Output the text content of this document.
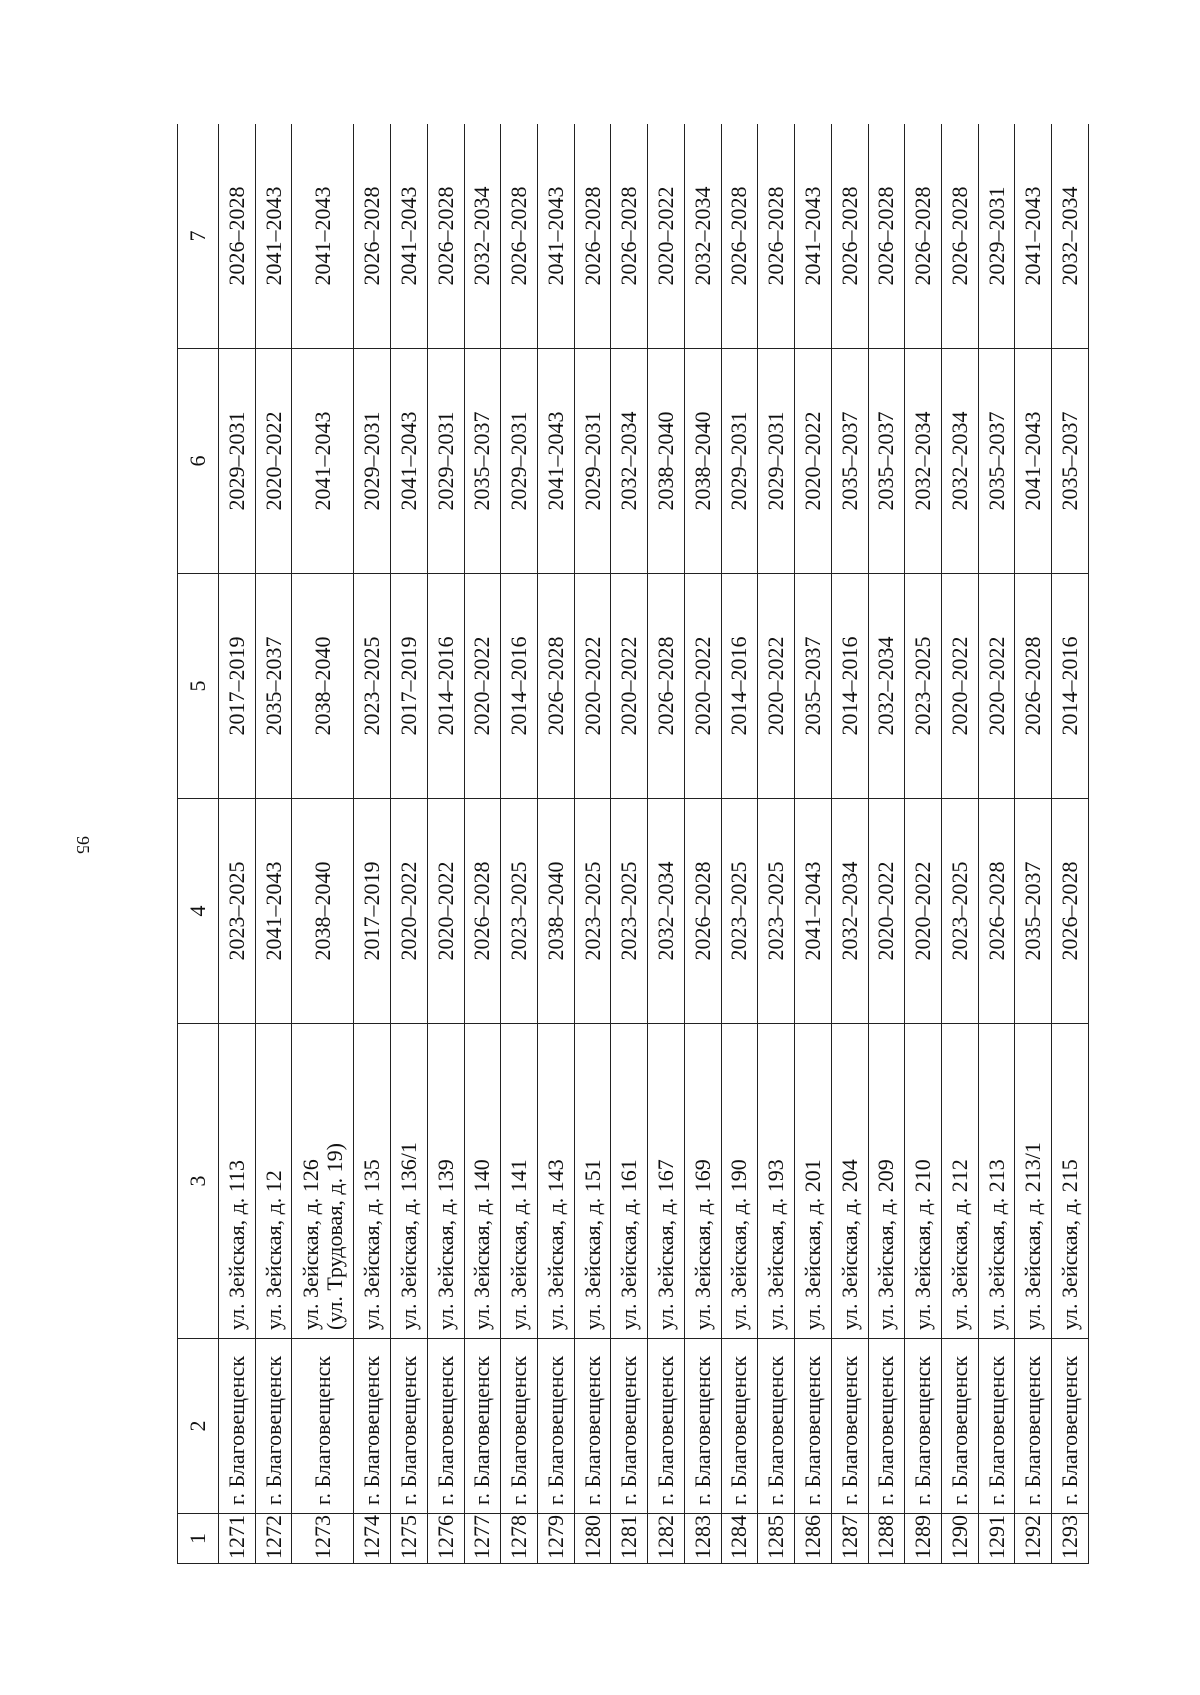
95
1	2	3	4	5	6	7
1271	г. Благовещенск	ул. Зейская, д. 113	2023–2025	2017–2019	2029–2031	2026–2028
1272	г. Благовещенск	ул. Зейская, д. 12	2041–2043	2035–2037	2020–2022	2041–2043
1273	г. Благовещенск	ул. Зейская, д. 126 (ул. Трудовая, д. 19)	2038–2040	2038–2040	2041–2043	2041–2043
1274	г. Благовещенск	ул. Зейская, д. 135	2017–2019	2023–2025	2029–2031	2026–2028
1275	г. Благовещенск	ул. Зейская, д. 136/1	2020–2022	2017–2019	2041–2043	2041–2043
1276	г. Благовещенск	ул. Зейская, д. 139	2020–2022	2014–2016	2029–2031	2026–2028
1277	г. Благовещенск	ул. Зейская, д. 140	2026–2028	2020–2022	2035–2037	2032–2034
1278	г. Благовещенск	ул. Зейская, д. 141	2023–2025	2014–2016	2029–2031	2026–2028
1279	г. Благовещенск	ул. Зейская, д. 143	2038–2040	2026–2028	2041–2043	2041–2043
1280	г. Благовещенск	ул. Зейская, д. 151	2023–2025	2020–2022	2029–2031	2026–2028
1281	г. Благовещенск	ул. Зейская, д. 161	2023–2025	2020–2022	2032–2034	2026–2028
1282	г. Благовещенск	ул. Зейская, д. 167	2032–2034	2026–2028	2038–2040	2020–2022
1283	г. Благовещенск	ул. Зейская, д. 169	2026–2028	2020–2022	2038–2040	2032–2034
1284	г. Благовещенск	ул. Зейская, д. 190	2023–2025	2014–2016	2029–2031	2026–2028
1285	г. Благовещенск	ул. Зейская, д. 193	2023–2025	2020–2022	2029–2031	2026–2028
1286	г. Благовещенск	ул. Зейская, д. 201	2041–2043	2035–2037	2020–2022	2041–2043
1287	г. Благовещенск	ул. Зейская, д. 204	2032–2034	2014–2016	2035–2037	2026–2028
1288	г. Благовещенск	ул. Зейская, д. 209	2020–2022	2032–2034	2035–2037	2026–2028
1289	г. Благовещенск	ул. Зейская, д. 210	2020–2022	2023–2025	2032–2034	2026–2028
1290	г. Благовещенск	ул. Зейская, д. 212	2023–2025	2020–2022	2032–2034	2026–2028
1291	г. Благовещенск	ул. Зейская, д. 213	2026–2028	2020–2022	2035–2037	2029–2031
1292	г. Благовещенск	ул. Зейская, д. 213/1	2035–2037	2026–2028	2041–2043	2041–2043
1293	г. Благовещенск	ул. Зейская, д. 215	2026–2028	2014–2016	2035–2037	2032–2034
